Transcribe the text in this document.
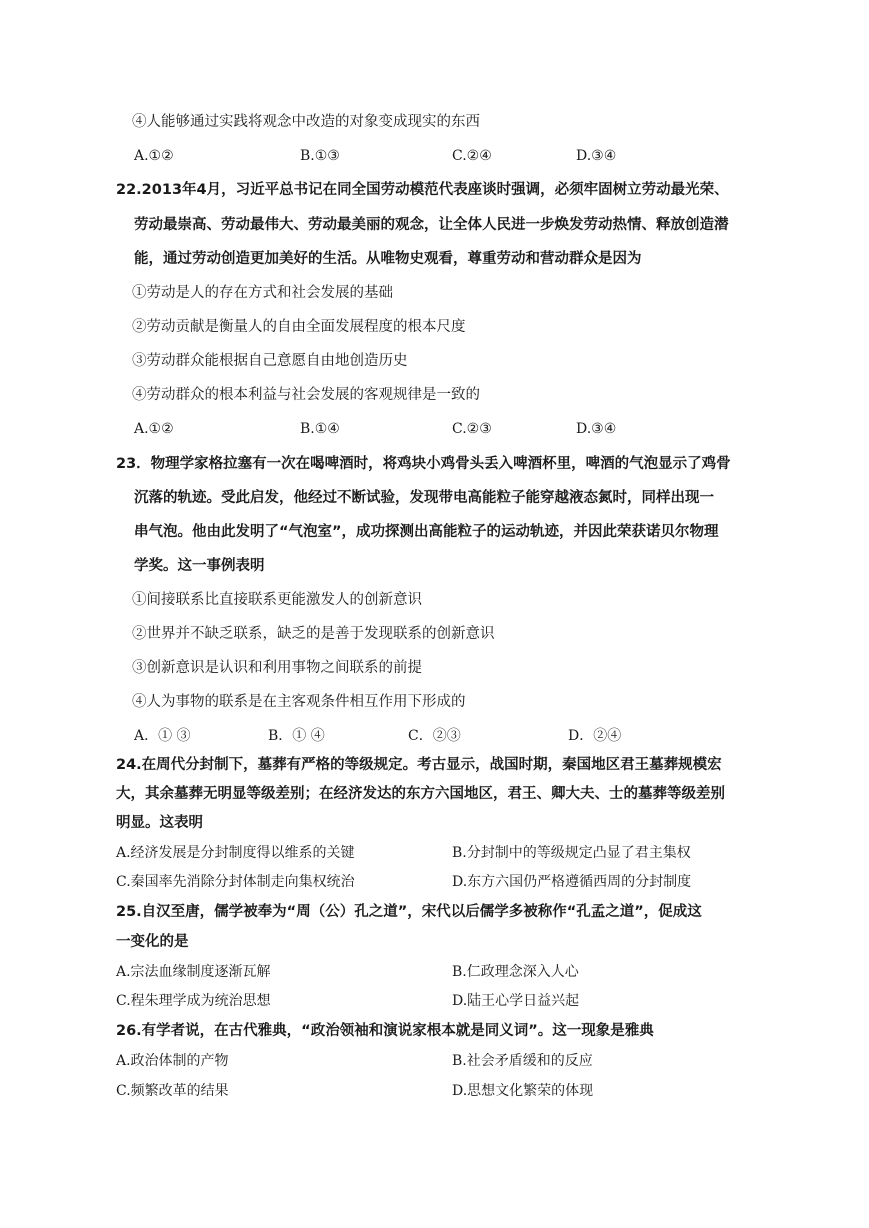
④人能够通过实践将观念中改造的对象变成现实的东西
A.①②	B.①③	C.②④	D.③④
22.2013年4月，习近平总书记在同全国劳动模范代表座谈时强调，必须牢固树立劳动最光荣、
劳动最崇高、劳动最伟大、劳动最美丽的观念，让全体人民进一步焕发劳动热情、释放创造潜
能，通过劳动创造更加美好的生活。从唯物史观看，尊重劳动和营动群众是因为
①劳动是人的存在方式和社会发展的基础
②劳动贡献是衡量人的自由全面发展程度的根本尺度
③劳动群众能根据自己意愿自由地创造历史
④劳动群众的根本利益与社会发展的客观规律是一致的
A.①②	B.①④	C.②③	D.③④
23．物理学家格拉塞有一次在喝啤酒时，将鸡块小鸡骨头丢入啤酒杯里，啤酒的气泡显示了鸡骨
沉落的轨迹。受此启发，他经过不断试验，发现带电高能粒子能穿越液态氮时，同样出现一
串气泡。他由此发明了“气泡室”，成功探测出高能粒子的运动轨迹，并因此荣获诺贝尔物理
学奖。这一事例表明
①间接联系比直接联系更能激发人的创新意识
②世界并不缺乏联系，缺乏的是善于发现联系的创新意识
③创新意识是认识和利用事物之间联系的前提
④人为事物的联系是在主客观条件相互作用下形成的
A．① ③	B．① ④	C．②③	D．②④
24.在周代分封制下，墓葬有严格的等级规定。考古显示，战国时期，秦国地区君王墓葬规模宏
大，其余墓葬无明显等级差别；在经济发达的东方六国地区，君王、卿大夫、士的墓葬等级差别
明显。这表明
A.经济发展是分封制度得以维系的关键	B.分封制中的等级规定凸显了君主集权
C.秦国率先消除分封体制走向集权统治	D.东方六国仍严格遵循西周的分封制度
25.自汉至唐，儒学被奉为“周（公）孔之道”，宋代以后儒学多被称作“孔孟之道”，促成这
一变化的是
A.宗法血缘制度逐渐瓦解	B.仁政理念深入人心
C.程朱理学成为统治思想	D.陆王心学日益兴起
26.有学者说，在古代雅典，“政治领袖和演说家根本就是同义词”。这一现象是雅典
A.政治体制的产物	B.社会矛盾缓和的反应
C.频繁改革的结果	D.思想文化繁荣的体现
